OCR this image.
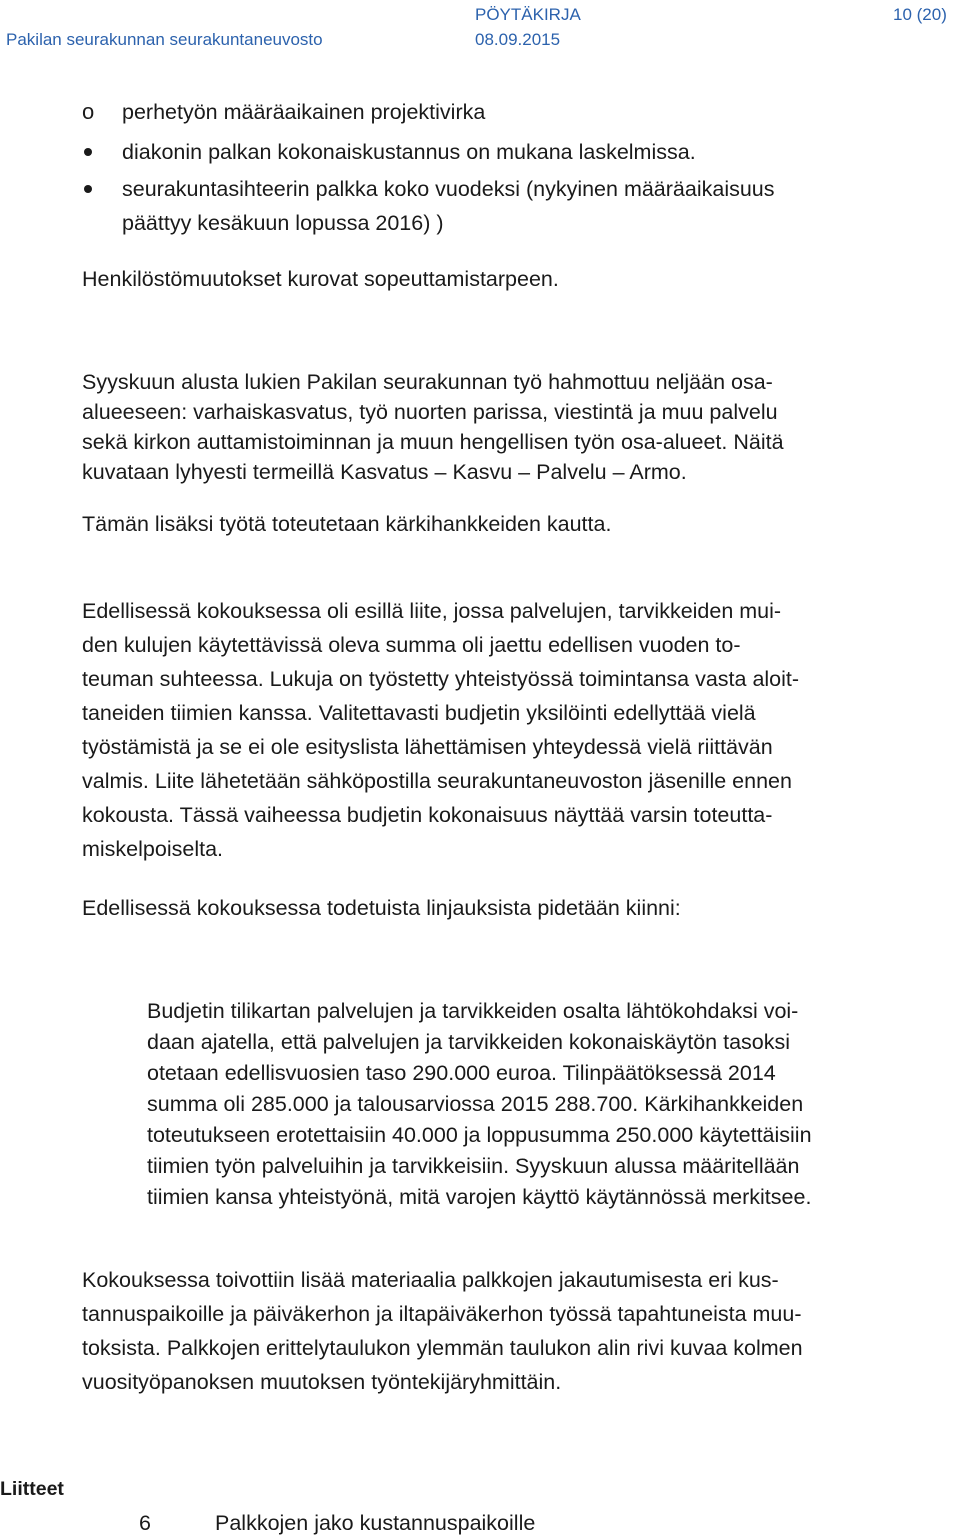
Pakilan seurakunnan seurakuntaneuvosto
PÖYTÄKIRJA
08.09.2015
10 (20)
o perhetyön määräaikainen projektivirka
diakonin palkan kokonaiskustannus on mukana laskelmissa.
seurakuntasihteerin palkka koko vuodeksi (nykyinen määräaikaisuus
päättyy kesäkuun lopussa 2016) )
Henkilöstömuutokset kurovat sopeuttamistarpeen.
Syyskuun alusta lukien Pakilan seurakunnan työ hahmottuu neljään osa-
alueeseen: varhaiskasvatus, työ nuorten parissa, viestintä ja muu palvelu
sekä kirkon auttamistoiminnan ja muun hengellisen työn osa-alueet. Näitä
kuvataan lyhyesti termeillä Kasvatus – Kasvu – Palvelu – Armo.
Tämän lisäksi työtä toteutetaan kärkihankkeiden kautta.
Edellisessä kokouksessa oli esillä liite, jossa palvelujen, tarvikkeiden mui-
den kulujen käytettävissä oleva summa oli jaettu edellisen vuoden to-
teuman suhteessa. Lukuja on työstetty yhteistyössä toimintansa vasta aloit-
taneiden tiimien kanssa. Valitettavasti budjetin yksilöinti edellyttää vielä
työstämistä ja se ei ole esityslista lähettämisen yhteydessä vielä riittävän
valmis. Liite lähetetään sähköpostilla seurakuntaneuvoston jäsenille ennen
kokousta. Tässä vaiheessa budjetin kokonaisuus näyttää varsin toteutta-
miskelpoiselta.
Edellisessä kokouksessa todetuista linjauksista pidetään kiinni:
Budjetin tilikartan palvelujen ja tarvikkeiden osalta lähtökohdaksi voi-
daan ajatella, että palvelujen ja tarvikkeiden kokonaiskäytön tasoksi
otetaan edellisvuosien taso 290.000 euroa. Tilinpäätöksessä 2014
summa oli 285.000 ja talousarviossa 2015 288.700. Kärkihankkeiden
toteutukseen erotettaisiin 40.000 ja loppusumma 250.000 käytettäisiin
tiimien työn palveluihin ja tarvikkeisiin. Syyskuun alussa määritellään
tiimien kansa yhteistyönä, mitä varojen käyttö käytännössä merkitsee.
Kokouksessa toivottiin lisää materiaalia palkkojen jakautumisesta eri kus-
tannuspaikoille ja päiväkerhon ja iltapäiväkerhon työssä tapahtuneista muu-
toksista. Palkkojen erittelytaulukon ylemmän taulukon alin rivi kuvaa kolmen
vuosityöpanoksen muutoksen työntekijäryhmittäin.
Liitteet
6	Palkkojen jako kustannuspaikoille
